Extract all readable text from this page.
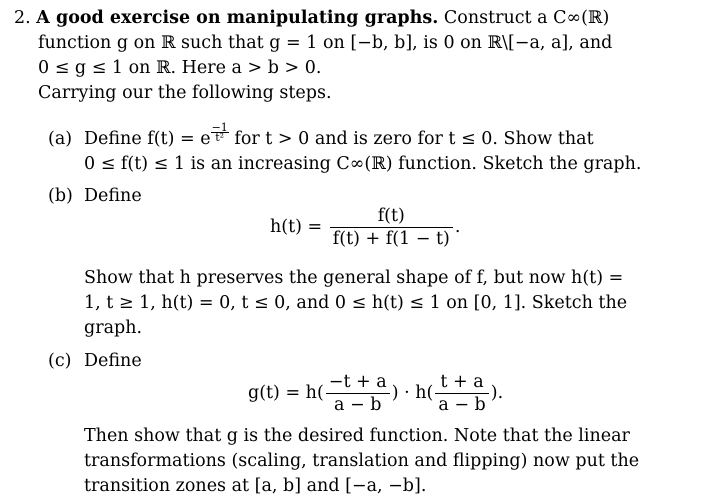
2. A good exercise on manipulating graphs. Construct a C∞(ℝ)
function g on ℝ such that g = 1 on [−b, b], is 0 on ℝ\[−a, a], and
0 ≤ g ≤ 1 on ℝ. Here a > b > 0.
Carrying our the following steps.
(a) Define f(t) = e $^{\frac{-1}{\text{t²}}}$ for t > 0 and is zero for t ≤ 0. Show that
0 ≤ f(t) ≤ 1 is an increasing C∞(ℝ) function. Sketch the graph.
(b) Define
$h(t) = \frac{f(t)}{f(t) + f(1 - t)}$ .
Show that h preserves the general shape of f, but now h(t) =
1, t ≥ 1, h(t) = 0, t ≤ 0, and 0 ≤ h(t) ≤ 1 on [0, 1]. Sketch the
graph.
(c) Define
$g(t) = h( \frac{-t + a}{a - b}$ ) · $h( \frac{t + a}{a - b}$ ).
Then show that g is the desired function. Note that the linear
transformations (scaling, translation and flipping) now put the
transition zones at [a, b] and [−a, −b].
